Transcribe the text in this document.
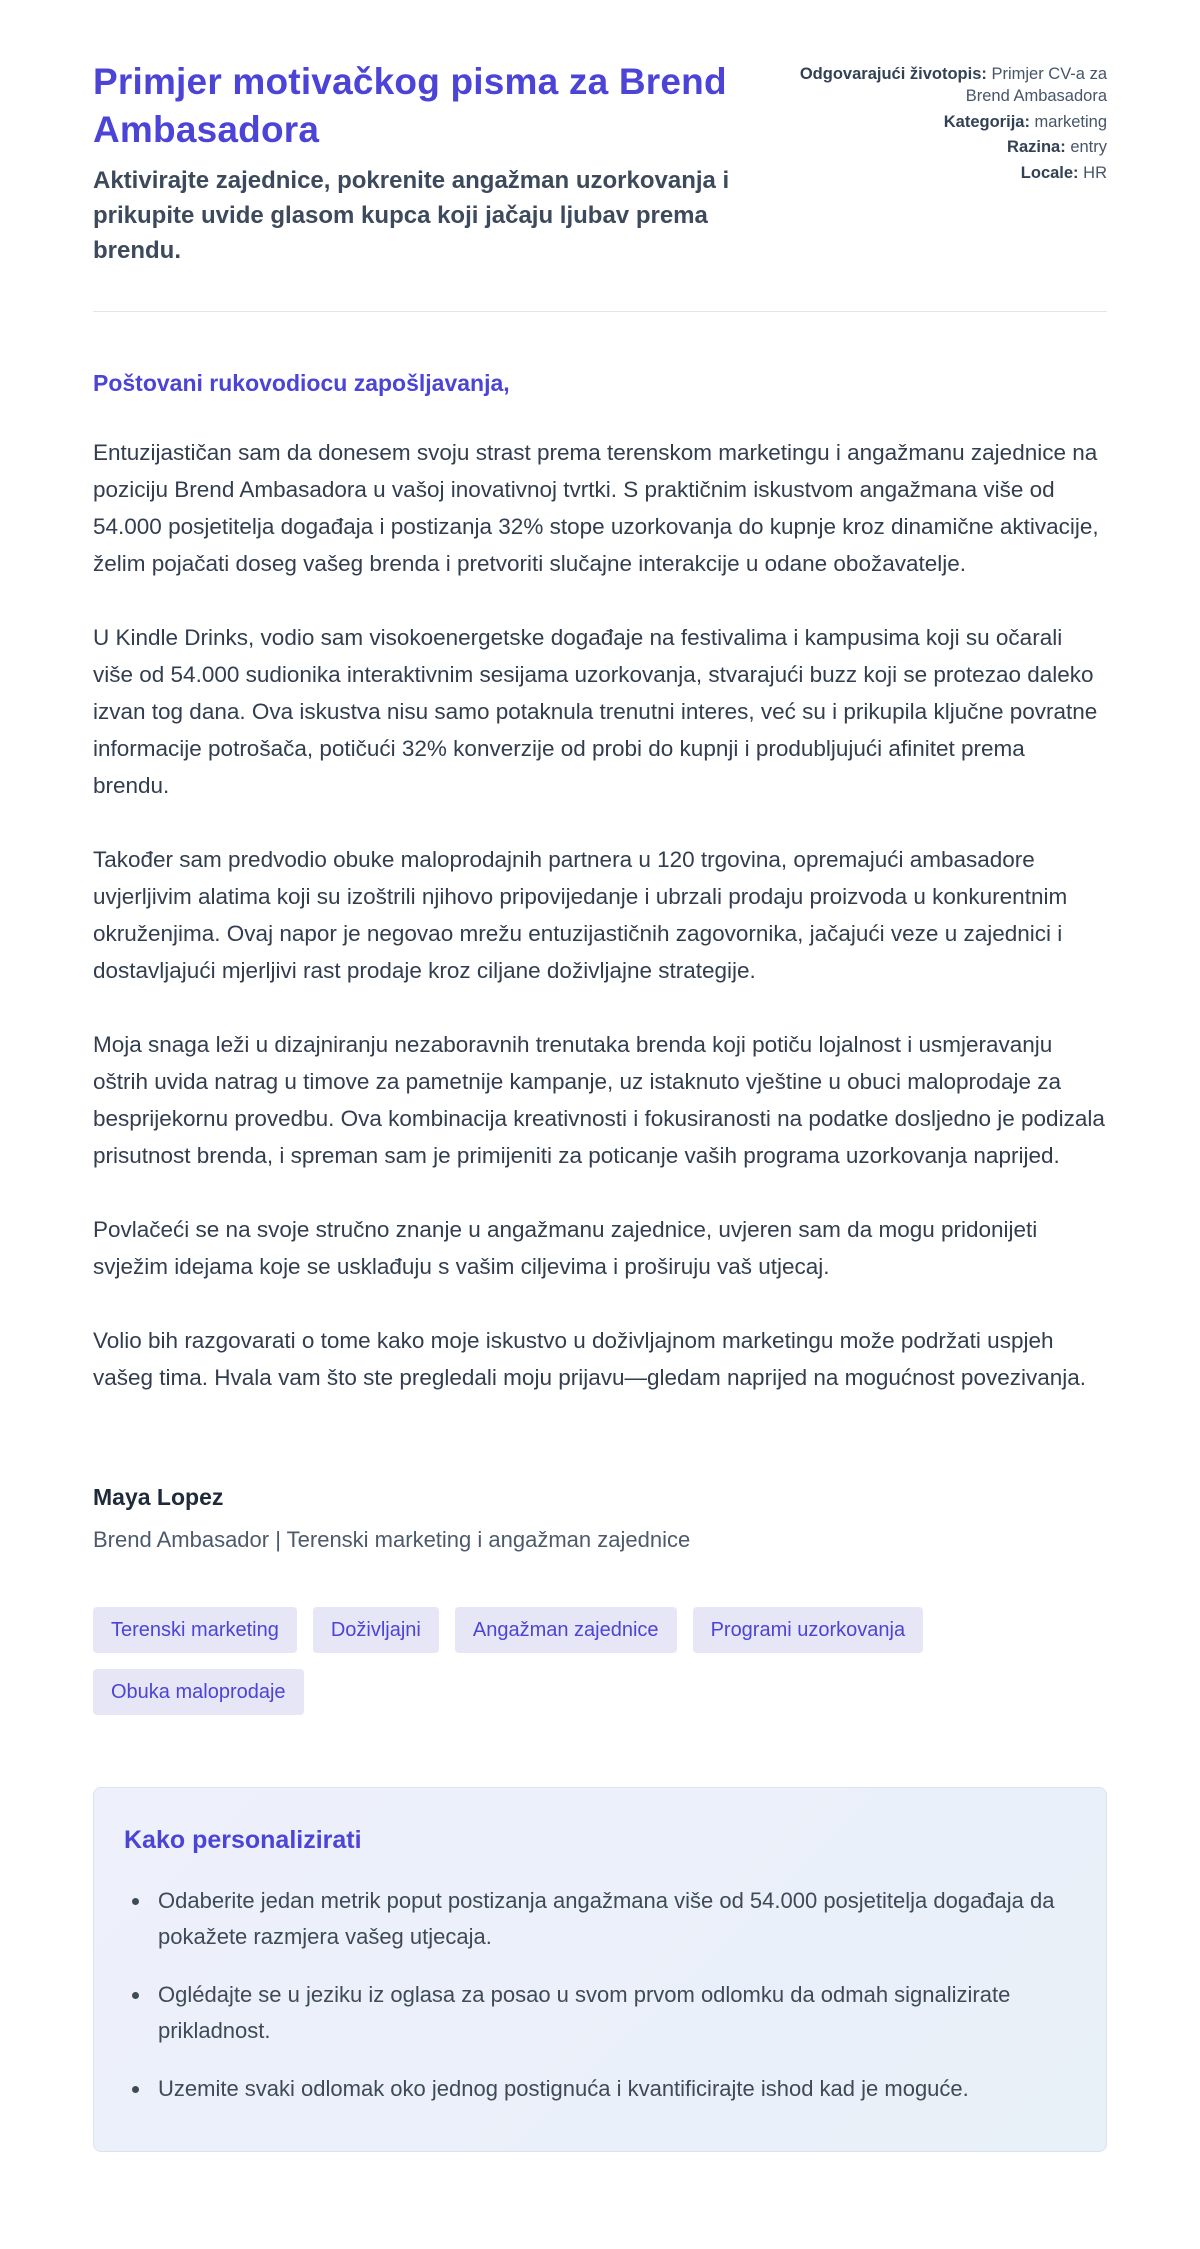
Primjer motivačkog pisma za Brend Ambasadora
Aktivirajte zajednice, pokrenite angažman uzorkovanja i prikupite uvide glasom kupca koji jačaju ljubav prema brendu.
Odgovarajući životopis: Primjer CV-a za Brend Ambasadora
Kategorija: marketing
Razina: entry
Locale: HR
Poštovani rukovodiocu zapošljavanja,

Entuzijastičan sam da donesem svoju strast prema terenskom marketingu i angažmanu zajednice na poziciju Brend Ambasadora u vašoj inovativnoj tvrtki. S praktičnim iskustvom angažmana više od 54.000 posjetitelja događaja i postizanja 32% stope uzorkovanja do kupnje kroz dinamične aktivacije, želim pojačati doseg vašeg brenda i pretvoriti slučajne interakcije u odane obožavatelje.

U Kindle Drinks, vodio sam visokoenergetske događaje na festivalima i kampusima koji su očarali više od 54.000 sudionika interaktivnim sesijama uzorkovanja, stvarajući buzz koji se protezao daleko izvan tog dana. Ova iskustva nisu samo potaknula trenutni interes, već su i prikupila ključne povratne informacije potrošača, potičući 32% konverzije od probi do kupnji i produbljujući afinitet prema brendu.

Također sam predvodio obuke maloprodajnih partnera u 120 trgovina, opremajući ambasadore uvjerljivim alatima koji su izoštrili njihovo pripovijedanje i ubrzali prodaju proizvoda u konkurentnim okruženjima. Ovaj napor je negovao mrežu entuzijastičnih zagovornika, jačajući veze u zajednici i dostavljajući mjerljivi rast prodaje kroz ciljane doživljajne strategije.

Moja snaga leži u dizajniranju nezaboravnih trenutaka brenda koji potiču lojalnost i usmjeravanju oštrih uvida natrag u timove za pametnije kampanje, uz istaknuto vještine u obuci maloprodaje za besprijekornu provedbu. Ova kombinacija kreativnosti i fokusiranosti na podatke dosljedno je podizala prisutnost brenda, i spreman sam je primijeniti za poticanje vaših programa uzorkovanja naprijed.

Povlačeći se na svoje stručno znanje u angažmanu zajednice, uvjeren sam da mogu pridonijeti svježim idejama koje se usklađuju s vašim ciljevima i proširuju vaš utjecaj.

Volio bih razgovarati o tome kako moje iskustvo u doživljajnom marketingu može podržati uspjeh vašeg tima. Hvala vam što ste pregledali moju prijavu—gledam naprijed na mogućnost povezivanja.

Maya Lopez
Brend Ambasador | Terenski marketing i angažman zajednice
Terenski marketing	Doživljajni	Angažman zajednice	Programi uzorkovanja
Obuka maloprodaje
Kako personalizirati
• Odaberite jedan metrik poput postizanja angažmana više od 54.000 posjetitelja događaja da pokažete razmjera vašeg utjecaja.
• Oglédajte se u jeziku iz oglasa za posao u svom prvom odlomku da odmah signalizirate prikladnost.
• Uzemite svaki odlomak oko jednog postignuća i kvantificirajte ishod kad je moguće.
